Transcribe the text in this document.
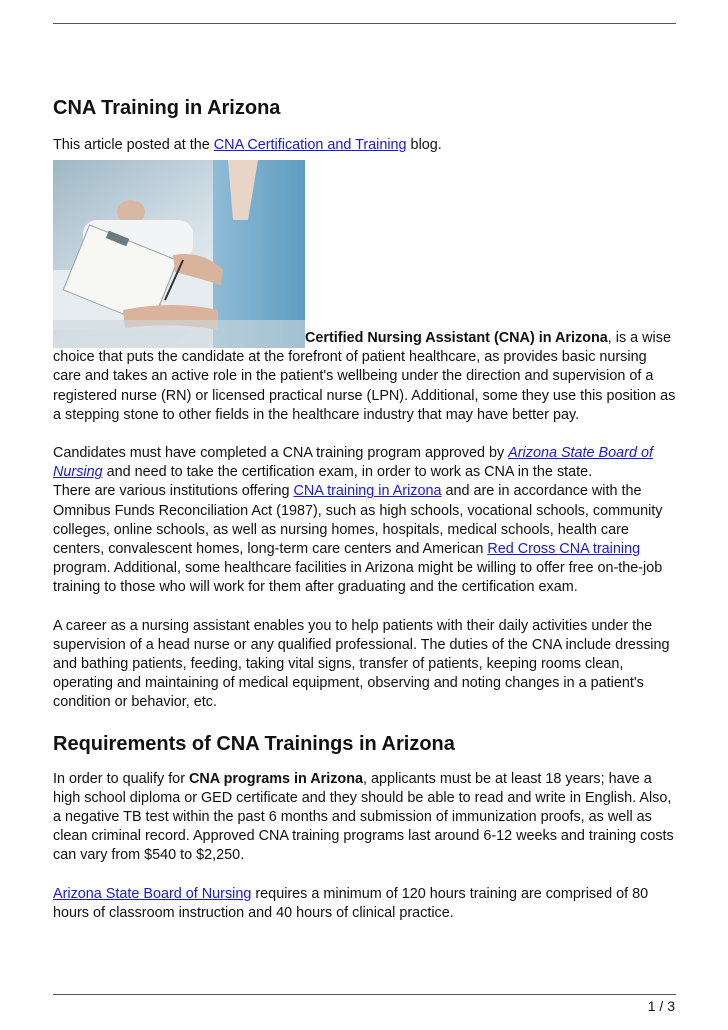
CNA Training in Arizona

This article posted at the CNA Certification and Training blog.

Certified Nursing Assistant (CNA) in Arizona, is a wise choice that puts the candidate at the forefront of patient healthcare, as provides basic nursing care and takes an active role in the patient's wellbeing under the direction and supervision of a registered nurse (RN) or licensed practical nurse (LPN). Additional, some they use this position as a stepping stone to other fields in the healthcare industry that may have better pay.

Candidates must have completed a CNA training program approved by Arizona State Board of Nursing and need to take the certification exam, in order to work as CNA in the state.
There are various institutions offering CNA training in Arizona and are in accordance with the Omnibus Funds Reconciliation Act (1987), such as high schools, vocational schools, community colleges, online schools, as well as nursing homes, hospitals, medical schools, health care centers, convalescent homes, long-term care centers and American Red Cross CNA training program. Additional, some healthcare facilities in Arizona might be willing to offer free on-the-job training to those who will work for them after graduating and the certification exam.

A career as a nursing assistant enables you to help patients with their daily activities under the supervision of a head nurse or any qualified professional. The duties of the CNA include dressing and bathing patients, feeding, taking vital signs, transfer of patients, keeping rooms clean, operating and maintaining of medical equipment, observing and noting changes in a patient's condition or behavior, etc.

Requirements of CNA Trainings in Arizona

In order to qualify for CNA programs in Arizona, applicants must be at least 18 years; have a high school diploma or GED certificate and they should be able to read and write in English. Also, a negative TB test within the past 6 months and submission of immunization proofs, as well as clean criminal record. Approved CNA training programs last around 6-12 weeks and training costs can vary from $540 to $2,250.

Arizona State Board of Nursing requires a minimum of 120 hours training are comprised of 80 hours of classroom instruction and 40 hours of clinical practice.

1 / 3
